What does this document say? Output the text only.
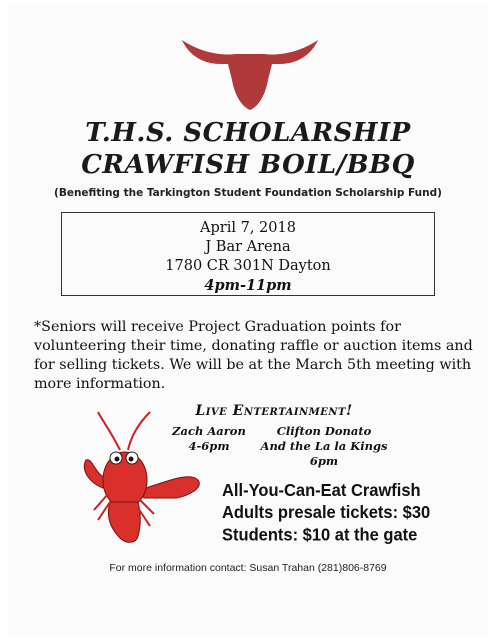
T.H.S. SCHOLARSHIP
CRAWFISH BOIL/BBQ
(Benefiting the Tarkington Student Foundation Scholarship Fund)
April 7, 2018
J Bar Arena
1780 CR 301N Dayton
4pm-11pm
*Seniors will receive Project Graduation points for volunteering their time, donating raffle or auction items and for selling tickets. We will be at the March 5th meeting with more information.
Live Entertainment!
Zach Aaron
4-6pm
Clifton Donato
And the La la Kings
6pm
All-You-Can-Eat Crawfish
Adults presale tickets: $30
Students: $10 at the gate
For more information contact: Susan Trahan (281)806-8769
